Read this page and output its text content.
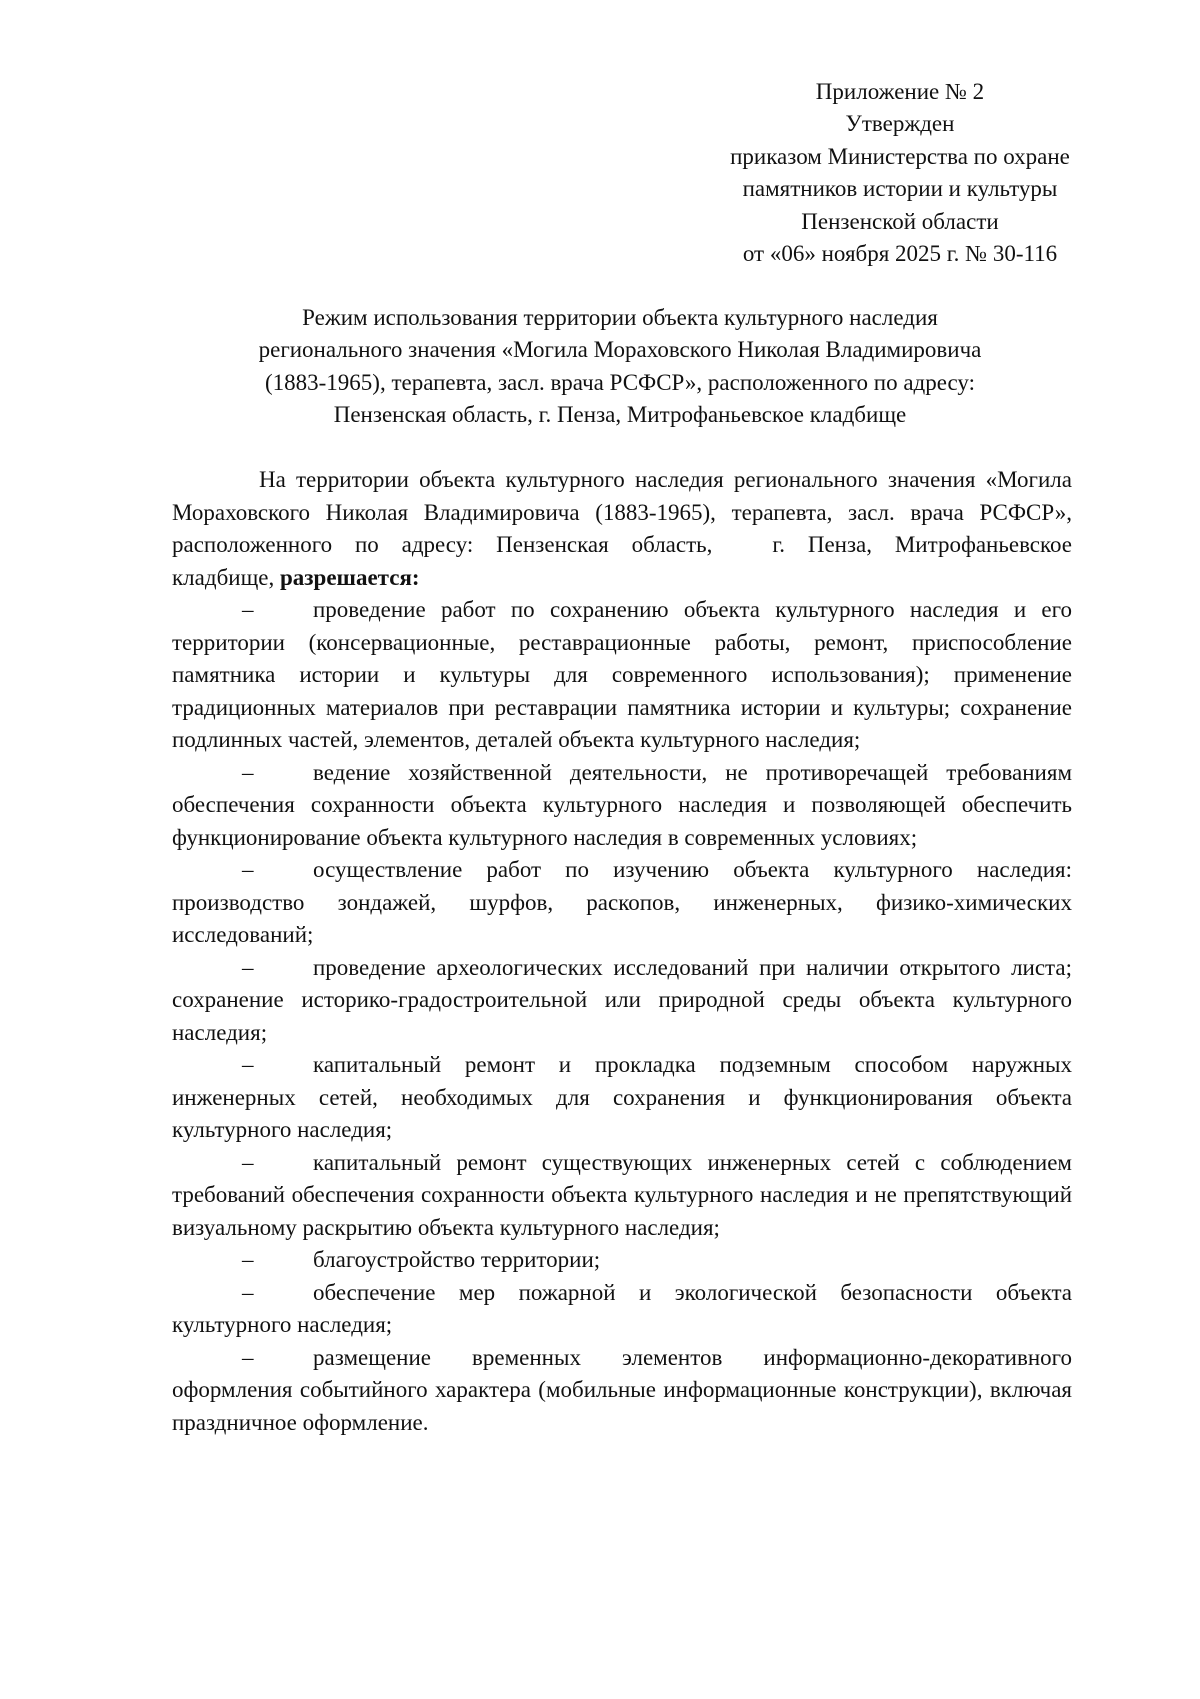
Приложение № 2
Утвержден
приказом Министерства по охране
памятников истории и культуры
Пензенской области
от «06» ноября 2025 г. № 30-116
Режим использования территории объекта культурного наследия
регионального значения «Могила Мораховского Николая Владимировича
(1883-1965), терапевта, засл. врача РСФСР», расположенного по адресу:
Пензенская область, г. Пенза, Митрофаньевское кладбище

На территории объекта культурного наследия регионального значения «Могила Мораховского Николая Владимировича (1883-1965), терапевта, засл. врача РСФСР», расположенного по адресу: Пензенская область,	г. Пенза, Митрофаньевское кладбище, разрешается:

–	проведение работ по сохранению объекта культурного наследия и его территории (консервационные, реставрационные работы, ремонт, приспособление памятника истории и культуры для современного использования); применение традиционных материалов при реставрации памятника истории и культуры; сохранение подлинных частей, элементов, деталей объекта культурного наследия;

–	ведение хозяйственной деятельности, не противоречащей требованиям обеспечения сохранности объекта культурного наследия и позволяющей обеспечить функционирование объекта культурного наследия в современных условиях;

–	осуществление работ по изучению объекта культурного наследия: производство зондажей, шурфов, раскопов, инженерных, физико-химических исследований;

–	проведение археологических исследований при наличии открытого листа; сохранение историко-градостроительной или природной среды объекта культурного наследия;

–	капитальный ремонт и прокладка подземным способом наружных инженерных сетей, необходимых для сохранения и функционирования объекта культурного наследия;

–	капитальный ремонт существующих инженерных сетей с соблюдением требований обеспечения сохранности объекта культурного наследия и не препятствующий визуальному раскрытию объекта культурного наследия;

–	благоустройство территории;

–	обеспечение мер пожарной и экологической безопасности объекта культурного наследия;

–	размещение временных элементов информационно-декоративного оформления событийного характера (мобильные информационные конструкции), включая праздничное оформление.
